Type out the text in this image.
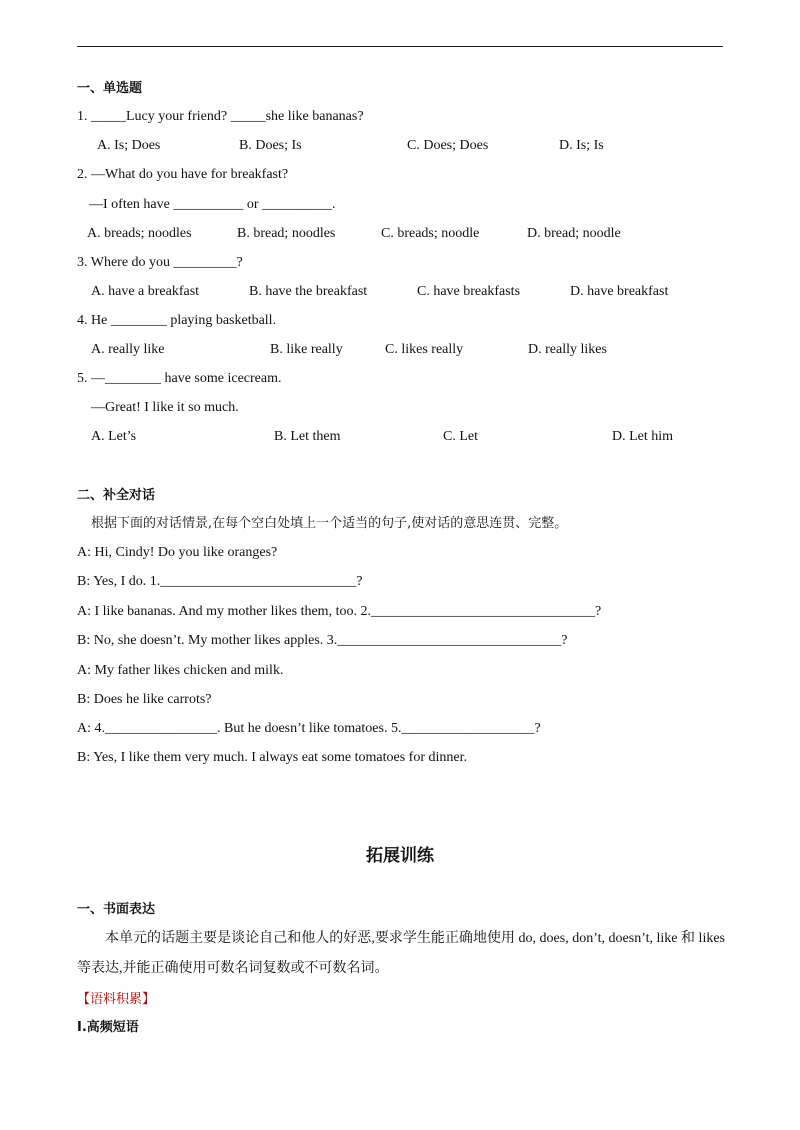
一、单选题
1. _____Lucy your friend? _____she like bananas?
A. Is; Does	B. Does; Is	C. Does; Does	D. Is; Is
2. —What do you have for breakfast?
—I often have __________ or __________.
A. breads; noodles	B. bread; noodles	C. breads; noodle	D. bread; noodle
3. Where do you _________?
A. have a breakfast	B. have the breakfast	C. have breakfasts	D. have breakfast
4. He ________ playing basketball.
A. really like	B. like really	C. likes really	D. really likes
5. —________ have some icecream.
—Great! I like it so much.
A. Let’s	B. Let them	C. Let	D. Let him
二、补全对话
根据下面的对话情景,在每个空白处填上一个适当的句子,使对话的意思连贯、完整。
A: Hi, Cindy! Do you like oranges?
B: Yes, I do. 1.____________________________?
A: I like bananas. And my mother likes them, too. 2.________________________________?
B: No, she doesn’t. My mother likes apples. 3.________________________________?
A: My father likes chicken and milk.
B: Does he like carrots?
A: 4.________________. But he doesn’t like tomatoes. 5.___________________?
B: Yes, I like them very much. I always eat some tomatoes for dinner.
拓展训练
一、书面表达
本单元的话题主要是谈论自己和他人的好恶,要求学生能正确地使用 do, does, don’t, doesn’t, like 和 likes 等表达,并能正确使用可数名词复数或不可数名词。
【语料积累】
Ⅰ.高频短语
